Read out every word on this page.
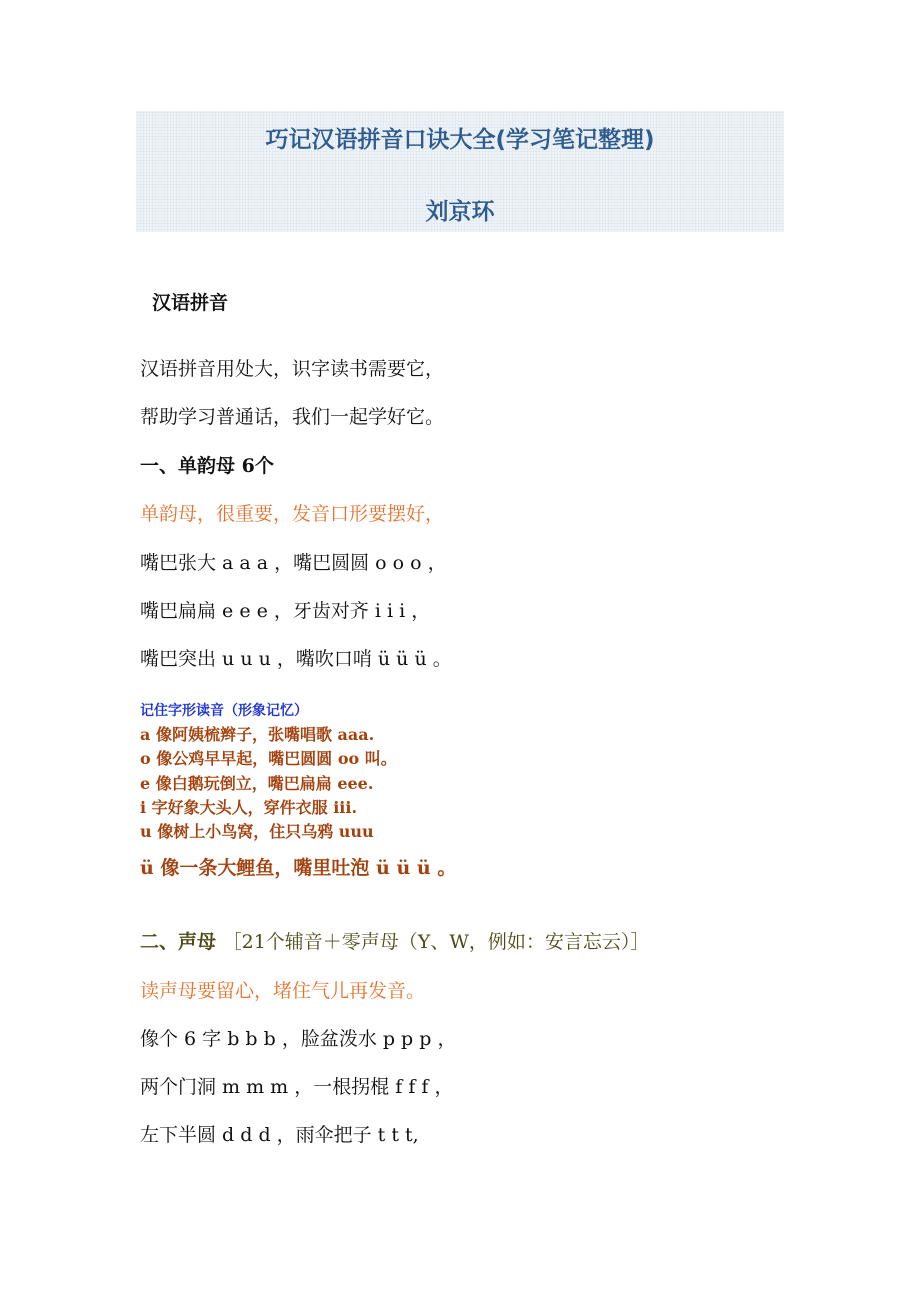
巧记汉语拼音口诀大全(学习笔记整理)
刘京环
汉语拼音
汉语拼音用处大，识字读书需要它，
帮助学习普通话，我们一起学好它。
一、单韵母 6个
单韵母，很重要，发音口形要摆好，
嘴巴张大 a a a ，嘴巴圆圆 o o o ，
嘴巴扁扁 e e e ，牙齿对齐 i i i ，
嘴巴突出 u u u ，嘴吹口哨 ü ü ü 。
记住字形读音（形象记忆）
a 像阿姨梳辫子，张嘴唱歌 aaa.
o 像公鸡早早起，嘴巴圆圆 oo 叫。
e 像白鹅玩倒立，嘴巴扁扁 eee.
i 字好象大头人，穿件衣服 iii.
u 像树上小鸟窝，住只乌鸦 uuu
ü 像一条大鲤鱼，嘴里吐泡 ü ü ü 。
二、声母 ［21个辅音＋零声母（Y、W，例如：安言忘云）］
读声母要留心，堵住气儿再发音。
像个 6 字 b b b ，脸盆泼水 p p p ，
两个门洞 m m m ，一根拐棍 f f f ，
左下半圆 d d d ，雨伞把子 t t t,
